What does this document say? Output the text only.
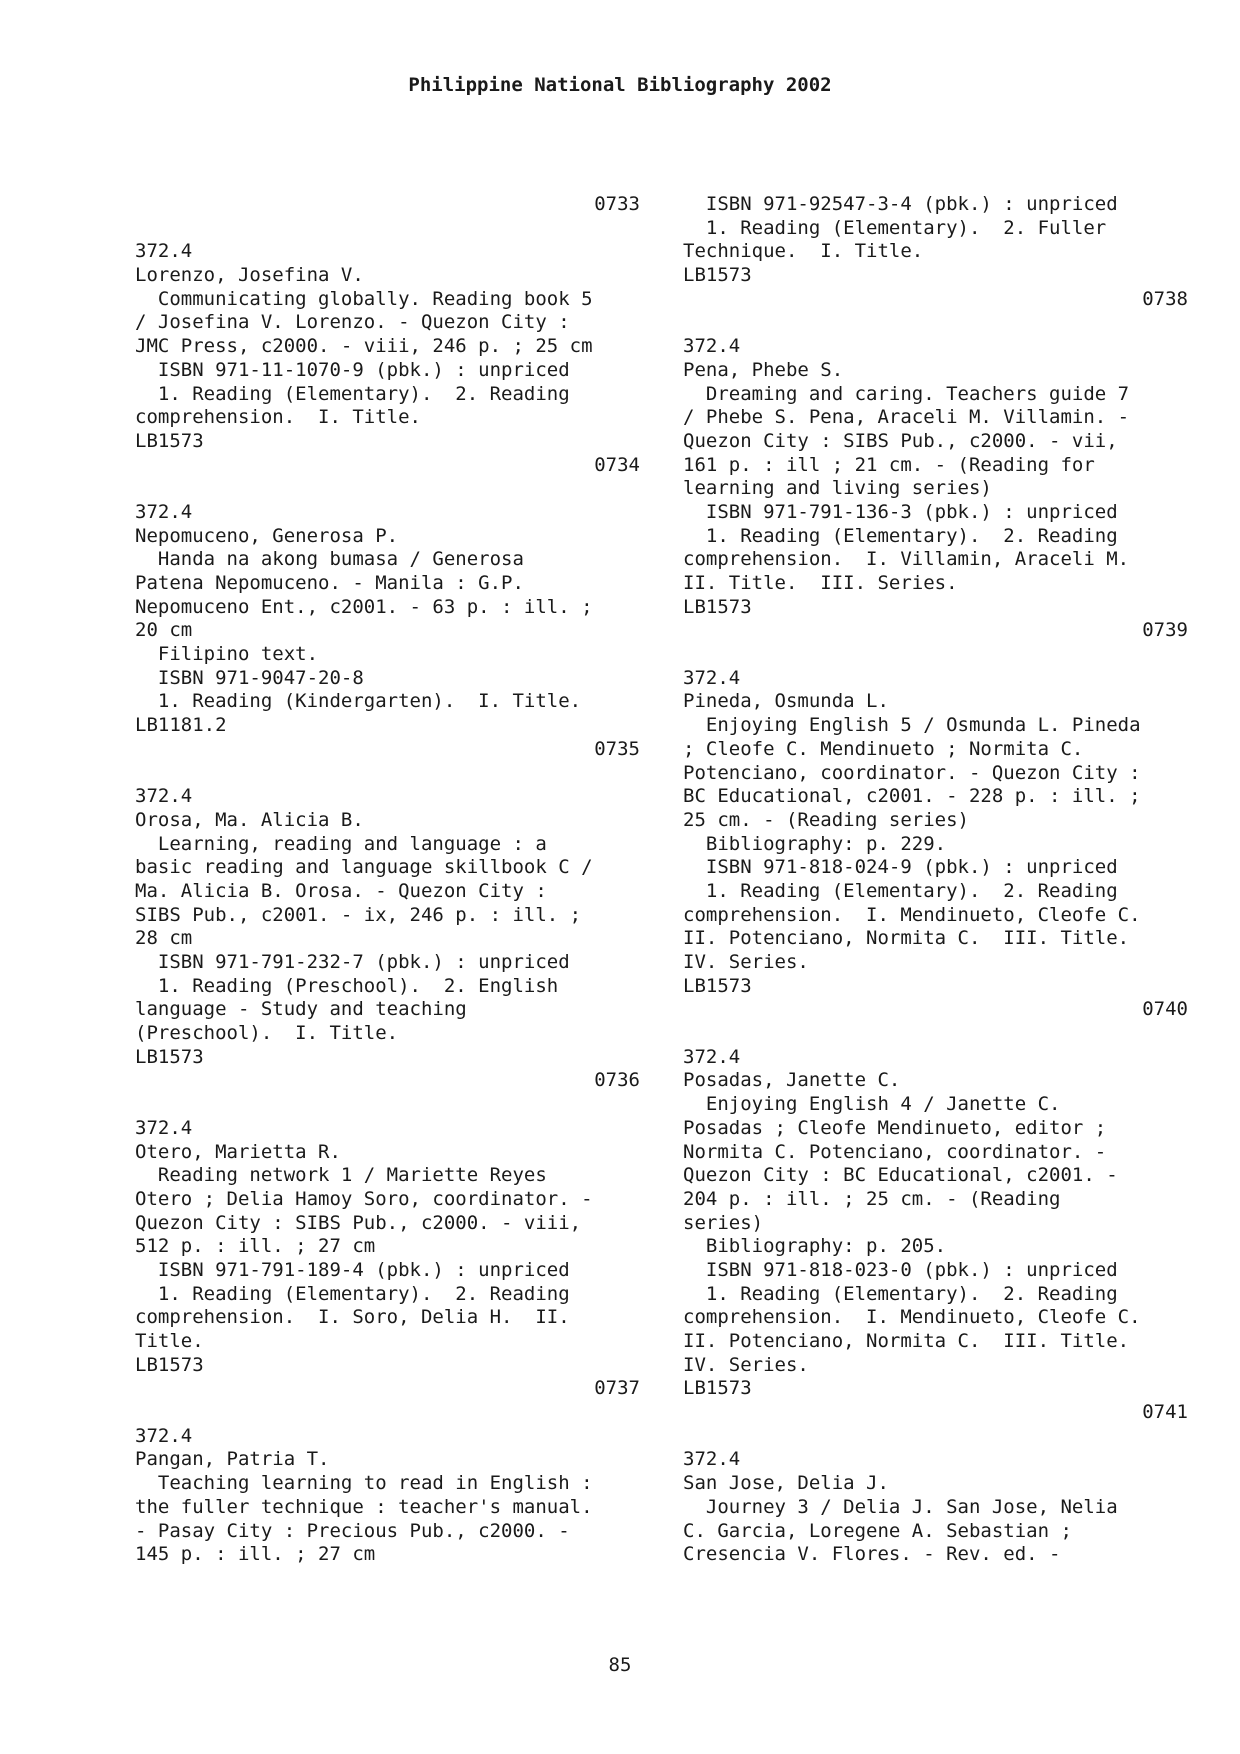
Philippine National Bibliography 2002
0733
372.4
Lorenzo, Josefina V.
Communicating globally. Reading book 5
/ Josefina V. Lorenzo. - Quezon City :
JMC Press, c2000. - viii, 246 p. ; 25 cm
ISBN 971-11-1070-9 (pbk.) : unpriced
1. Reading (Elementary).  2. Reading
comprehension.  I. Title.
LB1573
0734
372.4
Nepomuceno, Generosa P.
Handa na akong bumasa / Generosa
Patena Nepomuceno. - Manila : G.P.
Nepomuceno Ent., c2001. - 63 p. : ill. ;
20 cm
Filipino text.
ISBN 971-9047-20-8
1. Reading (Kindergarten).  I. Title.
LB1181.2
0735
372.4
Orosa, Ma. Alicia B.
Learning, reading and language : a
basic reading and language skillbook C /
Ma. Alicia B. Orosa. - Quezon City :
SIBS Pub., c2001. - ix, 246 p. : ill. ;
28 cm
ISBN 971-791-232-7 (pbk.) : unpriced
1. Reading (Preschool).  2. English
language - Study and teaching
(Preschool).  I. Title.
LB1573
0736
372.4
Otero, Marietta R.
Reading network 1 / Mariette Reyes
Otero ; Delia Hamoy Soro, coordinator. -
Quezon City : SIBS Pub., c2000. - viii,
512 p. : ill. ; 27 cm
ISBN 971-791-189-4 (pbk.) : unpriced
1. Reading (Elementary).  2. Reading
comprehension.  I. Soro, Delia H.  II.
Title.
LB1573
0737
372.4
Pangan, Patria T.
Teaching learning to read in English :
the fuller technique : teacher's manual.
- Pasay City : Precious Pub., c2000. -
145 p. : ill. ; 27 cm
ISBN 971-92547-3-4 (pbk.) : unpriced
1. Reading (Elementary).  2. Fuller
Technique.  I. Title.
LB1573
0738
372.4
Pena, Phebe S.
Dreaming and caring. Teachers guide 7
/ Phebe S. Pena, Araceli M. Villamin. -
Quezon City : SIBS Pub., c2000. - vii,
161 p. : ill ; 21 cm. - (Reading for
learning and living series)
ISBN 971-791-136-3 (pbk.) : unpriced
1. Reading (Elementary).  2. Reading
comprehension.  I. Villamin, Araceli M.
II. Title.  III. Series.
LB1573
0739
372.4
Pineda, Osmunda L.
Enjoying English 5 / Osmunda L. Pineda
; Cleofe C. Mendinueto ; Normita C.
Potenciano, coordinator. - Quezon City :
BC Educational, c2001. - 228 p. : ill. ;
25 cm. - (Reading series)
Bibliography: p. 229.
ISBN 971-818-024-9 (pbk.) : unpriced
1. Reading (Elementary).  2. Reading
comprehension.  I. Mendinueto, Cleofe C.
II. Potenciano, Normita C.  III. Title.
IV. Series.
LB1573
0740
372.4
Posadas, Janette C.
Enjoying English 4 / Janette C.
Posadas ; Cleofe Mendinueto, editor ;
Normita C. Potenciano, coordinator. -
Quezon City : BC Educational, c2001. -
204 p. : ill. ; 25 cm. - (Reading
series)
Bibliography: p. 205.
ISBN 971-818-023-0 (pbk.) : unpriced
1. Reading (Elementary).  2. Reading
comprehension.  I. Mendinueto, Cleofe C.
II. Potenciano, Normita C.  III. Title.
IV. Series.
LB1573
0741
372.4
San Jose, Delia J.
Journey 3 / Delia J. San Jose, Nelia
C. Garcia, Loregene A. Sebastian ;
Cresencia V. Flores. - Rev. ed. -
85
